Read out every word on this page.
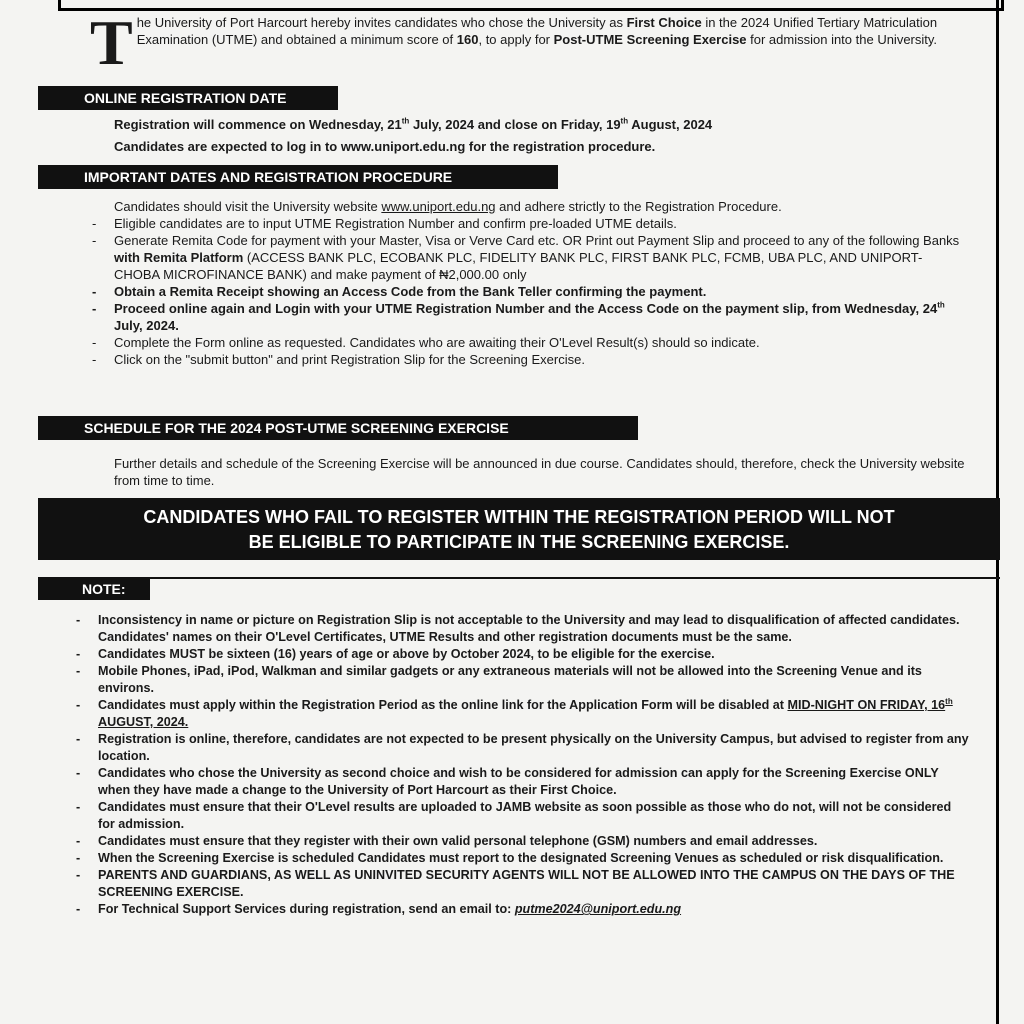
The University of Port Harcourt hereby invites candidates who chose the University as First Choice in the 2024 Unified Tertiary Matriculation Examination (UTME) and obtained a minimum score of 160, to apply for Post-UTME Screening Exercise for admission into the University.
ONLINE REGISTRATION DATE
Registration will commence on Wednesday, 21th July, 2024 and close on Friday, 19th August, 2024
Candidates are expected to log in to www.uniport.edu.ng for the registration procedure.
IMPORTANT DATES AND REGISTRATION PROCEDURE
Candidates should visit the University website www.uniport.edu.ng and adhere strictly to the Registration Procedure.
- Eligible candidates are to input UTME Registration Number and confirm pre-loaded UTME details.
- Generate Remita Code for payment with your Master, Visa or Verve Card etc. OR Print out Payment Slip and proceed to any of the following Banks with Remita Platform (ACCESS BANK PLC, ECOBANK PLC, FIDELITY BANK PLC, FIRST BANK PLC, FCMB, UBA PLC, AND UNIPORT-CHOBA MICROFINANCE BANK) and make payment of ₦2,000.00 only
- Obtain a Remita Receipt showing an Access Code from the Bank Teller confirming the payment.
- Proceed online again and Login with your UTME Registration Number and the Access Code on the payment slip, from Wednesday, 24th July, 2024.
- Complete the Form online as requested. Candidates who are awaiting their O'Level Result(s) should so indicate.
- Click on the "submit button" and print Registration Slip for the Screening Exercise.
SCHEDULE FOR THE 2024 POST-UTME SCREENING EXERCISE
Further details and schedule of the Screening Exercise will be announced in due course. Candidates should, therefore, check the University website from time to time.
CANDIDATES WHO FAIL TO REGISTER WITHIN THE REGISTRATION PERIOD WILL NOT
BE ELIGIBLE TO PARTICIPATE IN THE SCREENING EXERCISE.
NOTE:
- Inconsistency in name or picture on Registration Slip is not acceptable to the University and may lead to disqualification of affected candidates. Candidates' names on their O'Level Certificates, UTME Results and other registration documents must be the same.
- Candidates MUST be sixteen (16) years of age or above by October 2024, to be eligible for the exercise.
- Mobile Phones, iPad, iPod, Walkman and similar gadgets or any extraneous materials will not be allowed into the Screening Venue and its environs.
- Candidates must apply within the Registration Period as the online link for the Application Form will be disabled at MID-NIGHT ON FRIDAY, 16th AUGUST, 2024.
- Registration is online, therefore, candidates are not expected to be present physically on the University Campus, but advised to register from any location.
- Candidates who chose the University as second choice and wish to be considered for admission can apply for the Screening Exercise ONLY when they have made a change to the University of Port Harcourt as their First Choice.
- Candidates must ensure that their O'Level results are uploaded to JAMB website as soon possible as those who do not, will not be considered for admission.
- Candidates must ensure that they register with their own valid personal telephone (GSM) numbers and email addresses.
- When the Screening Exercise is scheduled Candidates must report to the designated Screening Venues as scheduled or risk disqualification.
- PARENTS AND GUARDIANS, AS WELL AS UNINVITED SECURITY AGENTS WILL NOT BE ALLOWED INTO THE CAMPUS ON THE DAYS OF THE SCREENING EXERCISE.
- For Technical Support Services during registration, send an email to: putme2024@uniport.edu.ng
